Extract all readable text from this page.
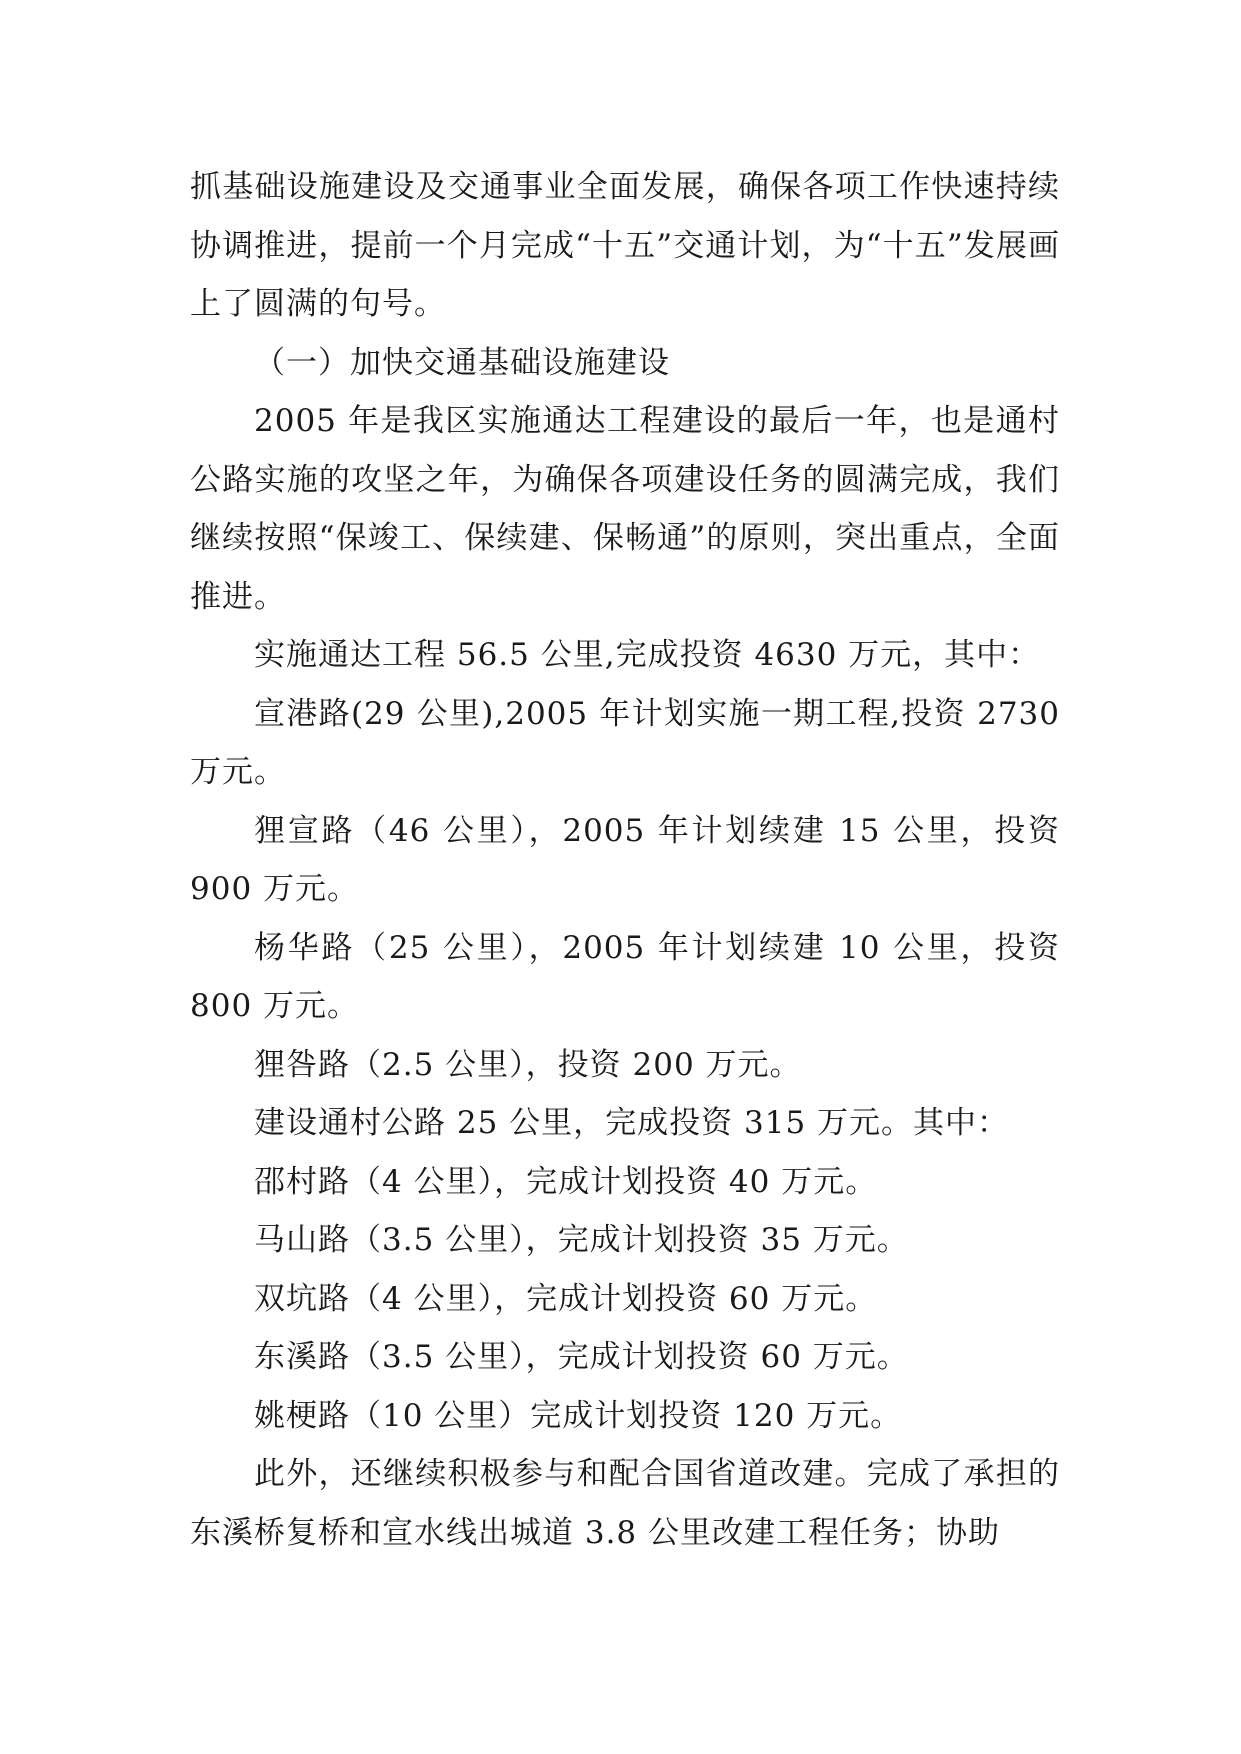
抓基础设施建设及交通事业全面发展，确保各项工作快速持续协调推进，提前一个月完成“十五”交通计划，为“十五”发展画上了圆满的句号。

（一）加快交通基础设施建设

2005 年是我区实施通达工程建设的最后一年，也是通村公路实施的攻坚之年，为确保各项建设任务的圆满完成，我们继续按照“保竣工、保续建、保畅通”的原则，突出重点，全面推进。

实施通达工程 56.5 公里,完成投资 4630 万元，其中：

宣港路(29 公里),2005 年计划实施一期工程,投资 2730 万元。

狸宣路（46 公里），2005 年计划续建 15 公里，投资 900 万元。

杨华路（25 公里），2005 年计划续建 10 公里，投资 800 万元。

狸咎路（2.5 公里），投资 200 万元。

建设通村公路 25 公里，完成投资 315 万元。其中：

邵村路（4 公里），完成计划投资 40 万元。

马山路（3.5 公里），完成计划投资 35 万元。

双坑路（4 公里），完成计划投资 60 万元。

东溪路（3.5 公里），完成计划投资 60 万元。

姚梗路（10 公里）完成计划投资 120 万元。

此外，还继续积极参与和配合国省道改建。完成了承担的东溪桥复桥和宣水线出城道 3.8 公里改建工程任务；协助
